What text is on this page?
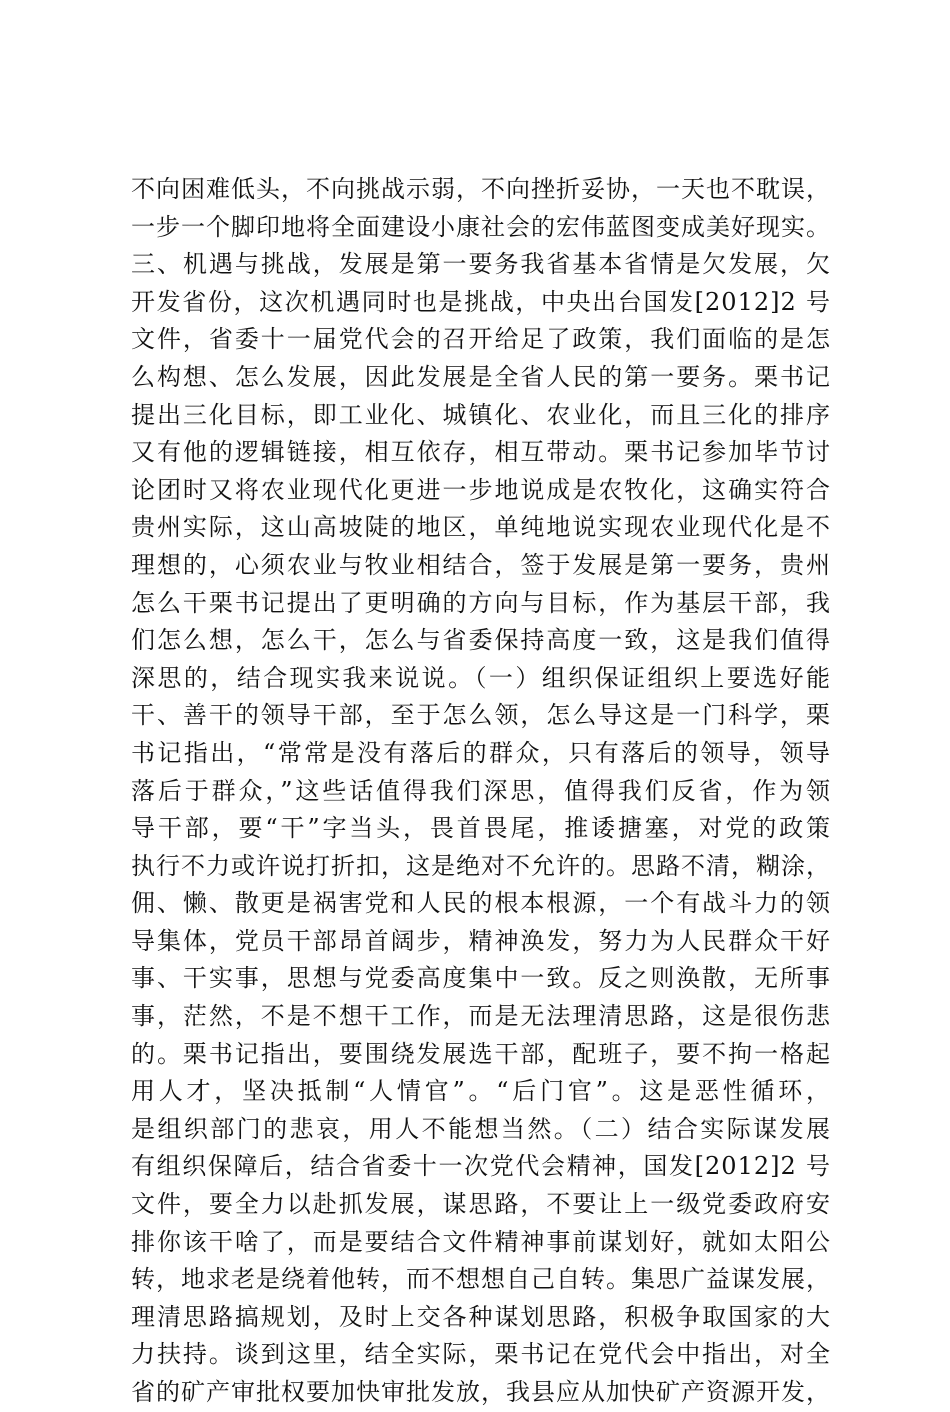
不向困难低头，不向挑战示弱，不向挫折妥协，一天也不耽误，
一步一个脚印地将全面建设小康社会的宏伟蓝图变成美好现实。
三、机遇与挑战，发展是第一要务我省基本省情是欠发展，欠
开发省份，这次机遇同时也是挑战，中央出台国发[2012]2 号
文件，省委十一届党代会的召开给足了政策，我们面临的是怎
么构想、怎么发展，因此发展是全省人民的第一要务。栗书记
提出三化目标，即工业化、城镇化、农业化，而且三化的排序
又有他的逻辑链接，相互依存，相互带动。栗书记参加毕节讨
论团时又将农业现代化更进一步地说成是农牧化，这确实符合
贵州实际，这山高坡陡的地区，单纯地说实现农业现代化是不
理想的，心须农业与牧业相结合，签于发展是第一要务，贵州
怎么干栗书记提出了更明确的方向与目标，作为基层干部，我
们怎么想，怎么干，怎么与省委保持高度一致，这是我们值得
深思的，结合现实我来说说。（一）组织保证组织上要选好能
干、善干的领导干部，至于怎么领，怎么导这是一门科学，栗
书记指出，“常常是没有落后的群众，只有落后的领导，领导
落后于群众，”这些话值得我们深思，值得我们反省，作为领
导干部，要“干”字当头，畏首畏尾，推诿搪塞，对党的政策
执行不力或许说打折扣，这是绝对不允许的。思路不清，糊涂，
佣、懒、散更是祸害党和人民的根本根源，一个有战斗力的领
导集体，党员干部昂首阔步，精神涣发，努力为人民群众干好
事、干实事，思想与党委高度集中一致。反之则涣散，无所事
事，茫然，不是不想干工作，而是无法理清思路，这是很伤悲
的。栗书记指出，要围绕发展选干部，配班子，要不拘一格起
用人才，坚决抵制“人情官”。“后门官”。这是恶性循环，
是组织部门的悲哀，用人不能想当然。（二）结合实际谋发展
有组织保障后，结合省委十一次党代会精神，国发[2012]2 号
文件，要全力以赴抓发展，谋思路，不要让上一级党委政府安
排你该干啥了，而是要结合文件精神事前谋划好，就如太阳公
转，地求老是绕着他转，而不想想自己自转。集思广益谋发展，
理清思路搞规划，及时上交各种谋划思路，积极争取国家的大
力扶持。谈到这里，结全实际，栗书记在党代会中指出，对全
省的矿产审批权要加快审批发放，我县应从加快矿产资源开发，
